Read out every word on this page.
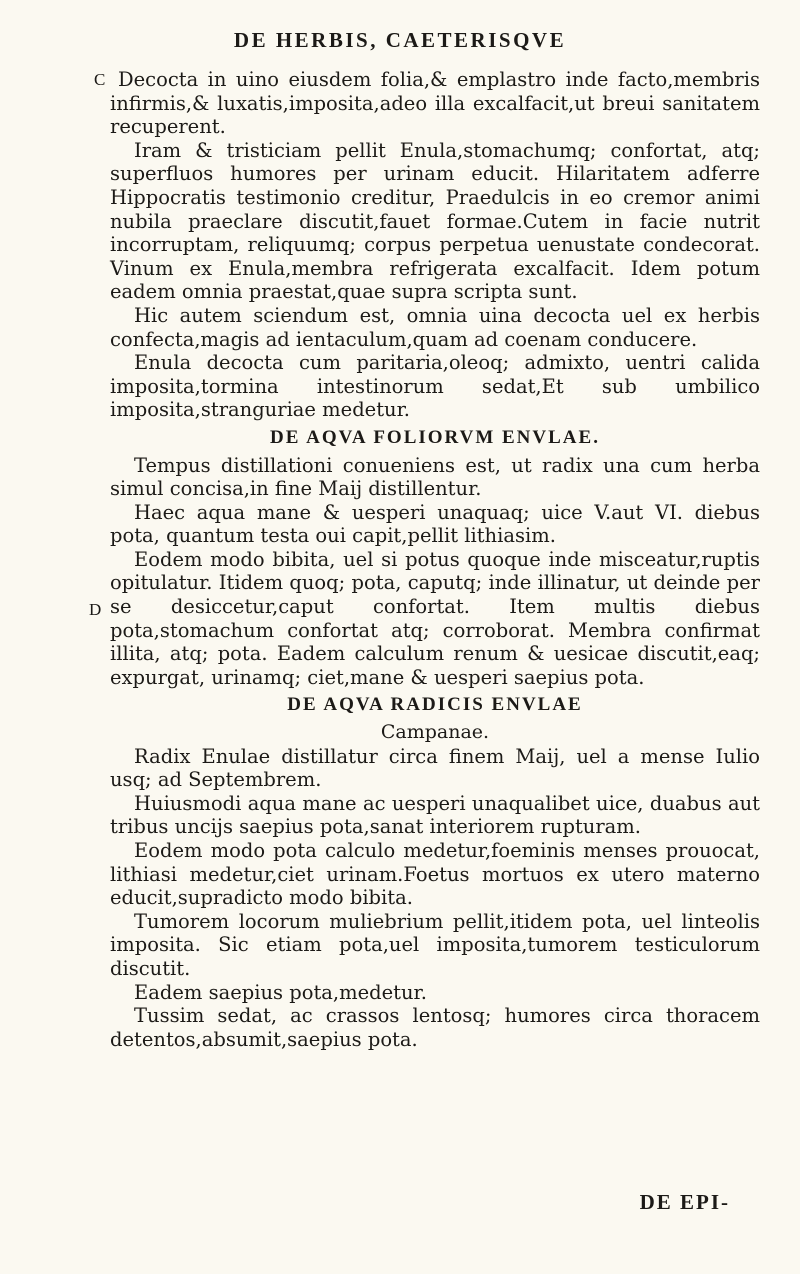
DE HERBIS, CAETERISQVE
C
D

Decocta in uino eiusdem folia,& emplastro inde facto,membris infirmis,& luxatis,imposita,adeo illa excalfacit,ut breui sanitatem recuperent.

Iram & tristiciam pellit Enula,stomachumq; confortat, atq; superfluos humores per urinam educit. Hilaritatem adferre Hippocratis testimonio creditur, Praedulcis in eo cremor animi nubila praeclare discutit,fauet formae.Cutem in facie nutrit incorruptam, reliquumq; corpus perpetua uenustate condecorat. Vinum ex Enula,membra refrigerata excalfacit. Idem potum eadem omnia praestat,quae supra scripta sunt.

Hic autem sciendum est, omnia uina decocta uel ex herbis confecta,magis ad ientaculum,quam ad coenam conducere.

Enula decocta cum paritaria,oleoq; admixto, uentri calida imposita,tormina intestinorum sedat,Et sub umbilico imposita,stranguriae medetur.

DE AQVA FOLIORVM ENVLAE.

Tempus distillationi conueniens est, ut radix una cum herba simul concisa,in fine Maij distillentur.

Haec aqua mane & uesperi unaquaq; uice V.aut VI. diebus pota, quantum testa oui capit,pellit lithiasim.

Eodem modo bibita, uel si potus quoque inde misceatur,ruptis opitulatur. Itidem quoq; pota, caputq; inde illinatur, ut deinde per se desiccetur,caput confortat. Item multis diebus pota,stomachum confortat atq; corroborat. Membra confirmat illita, atq; pota. Eadem calculum renum & uesicae discutit,eaq; expurgat, urinamq; ciet,mane & uesperi saepius pota.

DE AQVA RADICIS ENVLAE
Campanae.

Radix Enulae distillatur circa finem Maij, uel a mense Iulio usq; ad Septembrem.

Huiusmodi aqua mane ac uesperi unaqualibet uice, duabus aut tribus uncijs saepius pota,sanat interiorem rupturam.

Eodem modo pota calculo medetur,foeminis menses prouocat, lithiasi medetur,ciet urinam.Foetus mortuos ex utero materno educit,supradicto modo bibita.

Tumorem locorum muliebrium pellit,itidem pota, uel linteolis imposita. Sic etiam pota,uel imposita,tumorem testiculorum discutit.

Eadem saepius pota,medetur.

Tussim sedat, ac crassos lentosq; humores circa thoracem detentos,absumit,saepius pota.

DE EPI-
